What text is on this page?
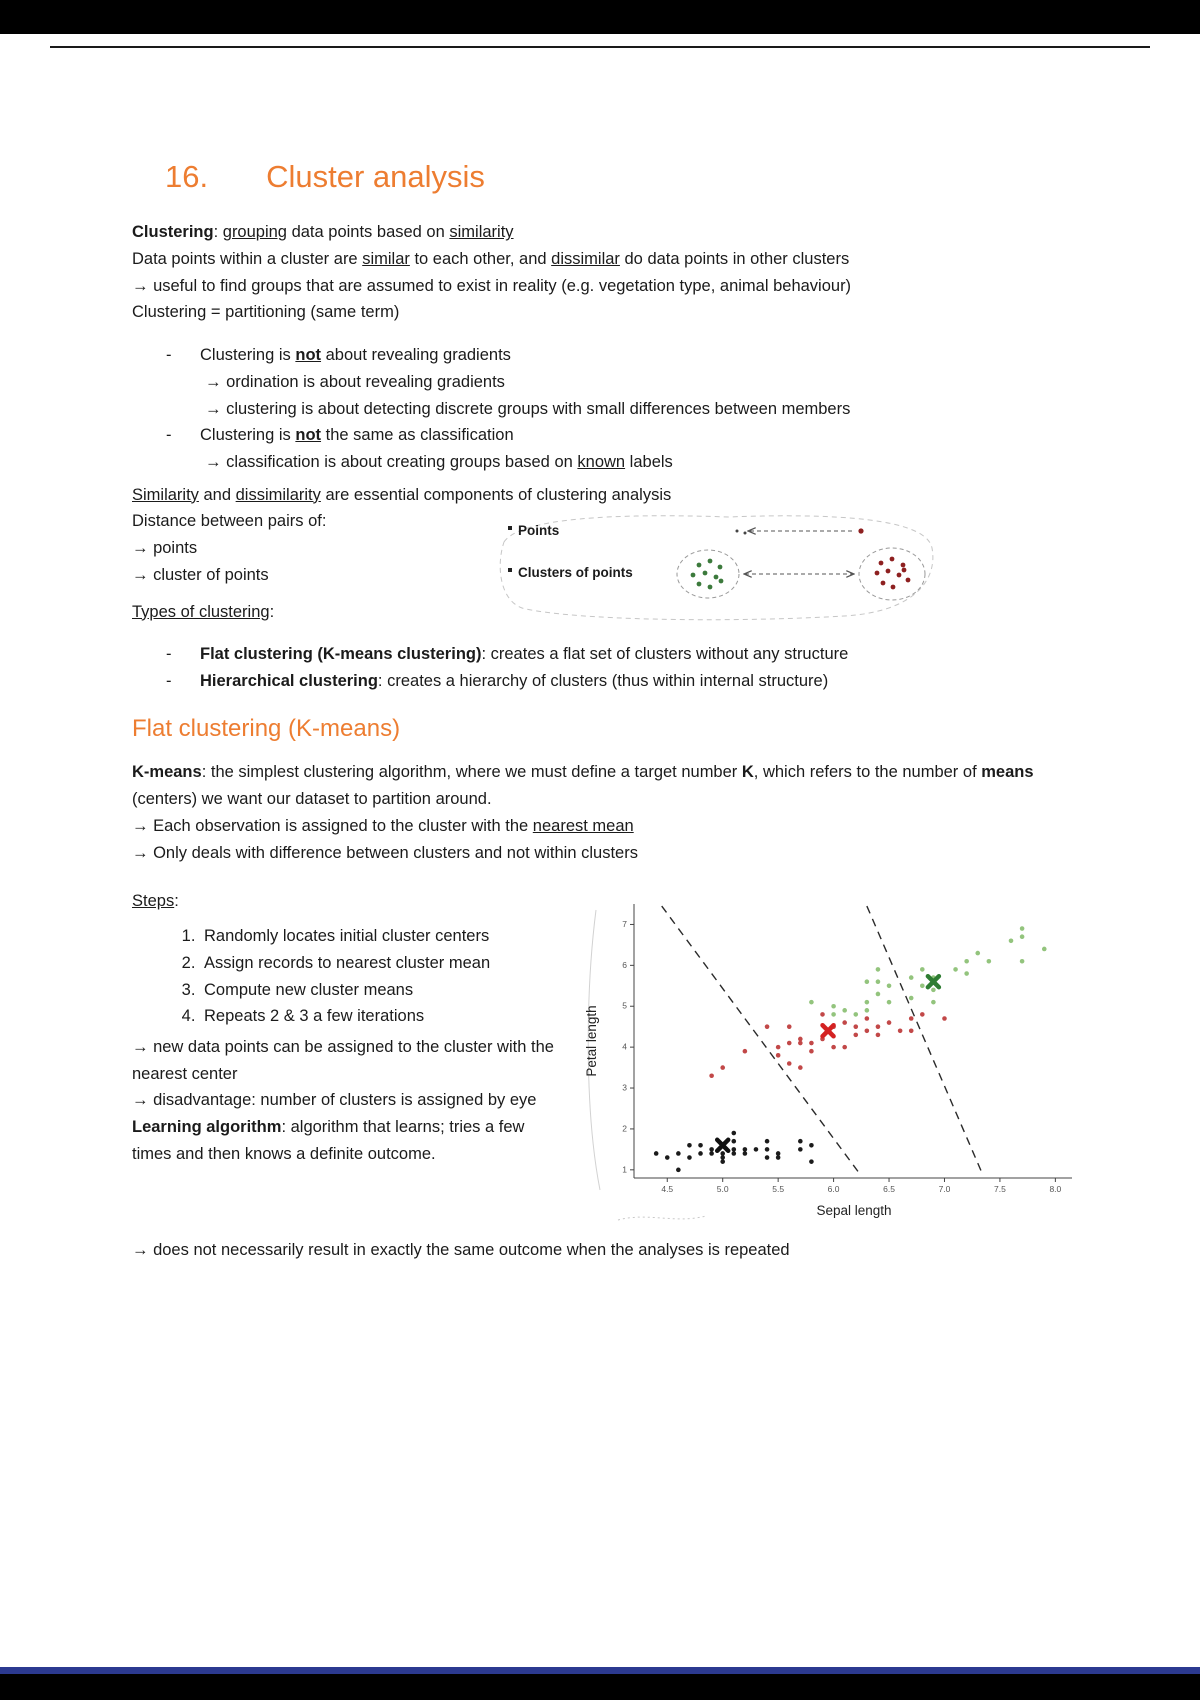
16. Cluster analysis

Clustering: grouping data points based on similarity

Data points within a cluster are similar to each other, and dissimilar do data points in other clusters

→ useful to find groups that are assumed to exist in reality (e.g. vegetation type, animal behaviour)

Clustering = partitioning (same term)

- Clustering is not about revealing gradients
→ ordination is about revealing gradients
→ clustering is about detecting discrete groups with small differences between members
- Clustering is not the same as classification
→ classification is about creating groups based on known labels

Similarity and dissimilarity are essential components of clustering analysis

Distance between pairs of:

→ points

→ cluster of points

Points
Clusters of points

Types of clustering:

- Flat clustering (K-means clustering): creates a flat set of clusters without any structure
- Hierarchical clustering: creates a hierarchy of clusters (thus within internal structure)
Flat clustering (K-means)

K-means: the simplest clustering algorithm, where we must define a target number K, which refers to the number of means (centers) we want our dataset to partition around.

→ Each observation is assigned to the cluster with the nearest mean

→ Only deals with difference between clusters and not within clusters

Steps:

1. Randomly locates initial cluster centers
2. Assign records to nearest cluster mean
3. Compute new cluster means
4. Repeats 2 & 3 a few iterations

→ new data points can be assigned to the cluster with the nearest center

→ disadvantage: number of clusters is assigned by eye

Learning algorithm: algorithm that learns; tries a few times and then knows a definite outcome.

Sepal length
Petal length
4.5	5.0	5.5	6.0	6.5	7.0	7.5	8.0
1
2
3
4
5
6
7

→ does not necessarily result in exactly the same outcome when the analyses is repeated
